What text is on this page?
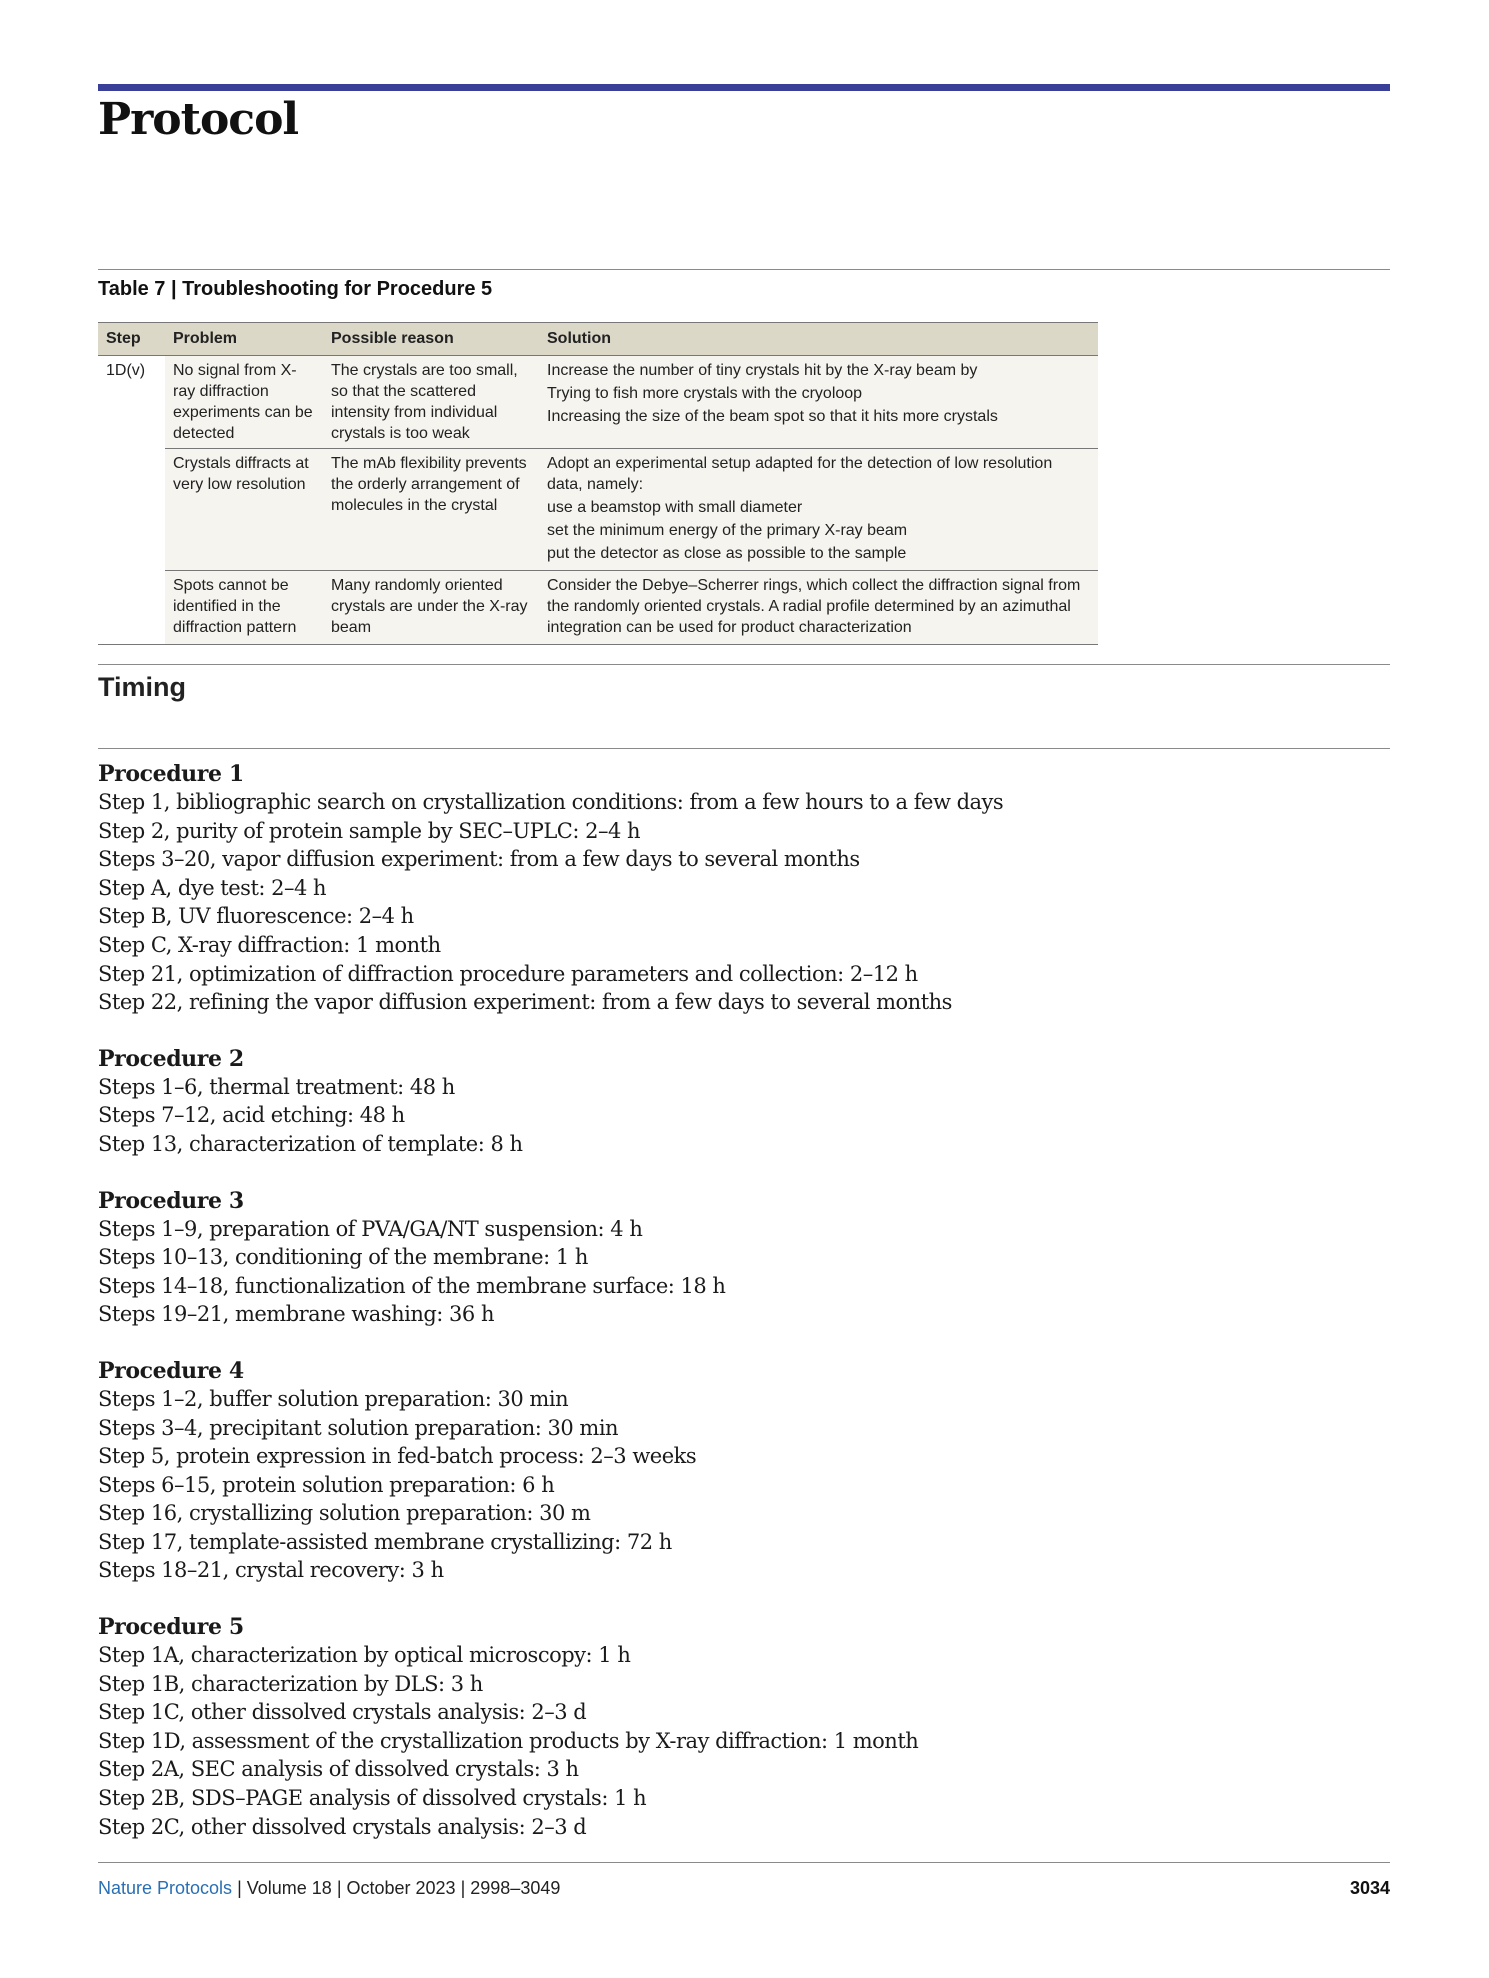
Protocol
Table 7 | Troubleshooting for Procedure 5
Step	Problem	Possible reason	Solution
1D(v)	No signal from X-ray diffraction experiments can be detected	The crystals are too small, so that the scattered intensity from individual crystals is too weak	Increase the number of tiny crystals hit by the X-ray beam by
Trying to fish more crystals with the cryoloop
Increasing the size of the beam spot so that it hits more crystals

	Crystals diffracts at very low resolution	The mAb flexibility prevents the orderly arrangement of molecules in the crystal	Adopt an experimental setup adapted for the detection of low resolution data, namely:
use a beamstop with small diameter
set the minimum energy of the primary X-ray beam
put the detector as close as possible to the sample

	Spots cannot be identified in the diffraction pattern	Many randomly oriented crystals are under the X-ray beam	Consider the Debye–Scherrer rings, which collect the diffraction signal from the randomly oriented crystals. A radial profile determined by an azimuthal integration can be used for product characterization
Timing
Procedure 1
Step 1, bibliographic search on crystallization conditions: from a few hours to a few days
Step 2, purity of protein sample by SEC–UPLC: 2–4 h
Steps 3–20, vapor diffusion experiment: from a few days to several months
Step A, dye test: 2–4 h
Step B, UV fluorescence: 2–4 h
Step C, X-ray diffraction: 1 month
Step 21, optimization of diffraction procedure parameters and collection: 2–12 h
Step 22, refining the vapor diffusion experiment: from a few days to several months
Procedure 2
Steps 1–6, thermal treatment: 48 h
Steps 7–12, acid etching: 48 h
Step 13, characterization of template: 8 h
Procedure 3
Steps 1–9, preparation of PVA/GA/NT suspension: 4 h
Steps 10–13, conditioning of the membrane: 1 h
Steps 14–18, functionalization of the membrane surface: 18 h
Steps 19–21, membrane washing: 36 h
Procedure 4
Steps 1–2, buffer solution preparation: 30 min
Steps 3–4, precipitant solution preparation: 30 min
Step 5, protein expression in fed-batch process: 2–3 weeks
Steps 6–15, protein solution preparation: 6 h
Step 16, crystallizing solution preparation: 30 m
Step 17, template-assisted membrane crystallizing: 72 h
Steps 18–21, crystal recovery: 3 h
Procedure 5
Step 1A, characterization by optical microscopy: 1 h
Step 1B, characterization by DLS: 3 h
Step 1C, other dissolved crystals analysis: 2–3 d
Step 1D, assessment of the crystallization products by X-ray diffraction: 1 month
Step 2A, SEC analysis of dissolved crystals: 3 h
Step 2B, SDS–PAGE analysis of dissolved crystals: 1 h
Step 2C, other dissolved crystals analysis: 2–3 d
Nature Protocols | Volume 18 | October 2023 | 2998–3049	3034
